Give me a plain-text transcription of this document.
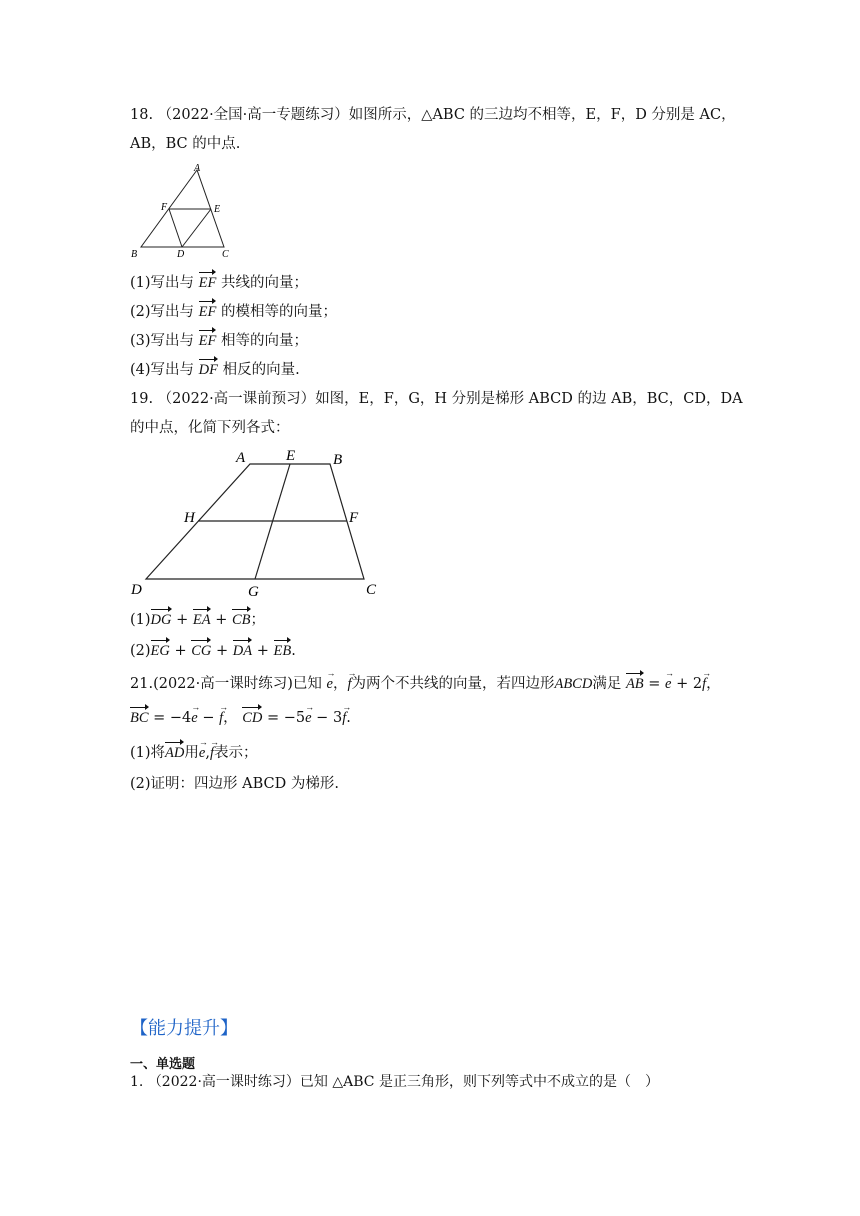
18. （2022·全国·高一专题练习）如图所示，△ABC 的三边均不相等，E，F，D 分别是 AC，
AB，BC 的中点.
A
B	C
D
E
F
(1)写出与 EF 共线的向量；
(2)写出与 EF 的模相等的向量；
(3)写出与 EF 相等的向量；
(4)写出与 DF 相反的向量.
19. （2022·高一课前预习）如图，E，F，G，H 分别是梯形 ABCD 的边 AB，BC，CD，DA
的中点，化简下列各式：
A	B
C
D
E
F
G
H
(1)DG + EA + CB；
(2)EG + CG + DA + EB.
21.(2022·高一课时练习)已知 → e，→ f为两个不共线的向量，若四边形ABCD满足 AB = → e + 2→ f，
BC = −4→ e − → f， CD = −5→ e − 3→ f.
(1)将AD用→ e,→ f表示；
(2)证明：四边形 ABCD 为梯形.
【能力提升】
一、单选题
1. （2022·高一课时练习）已知 △ABC 是正三角形，则下列等式中不成立的是（　）
